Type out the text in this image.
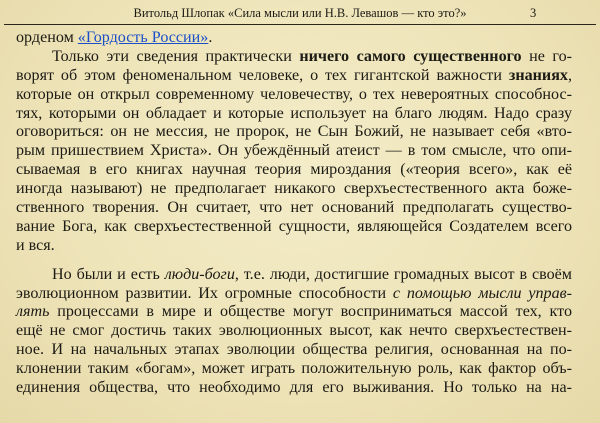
Витольд Шлопак «Сила мысли или Н.В. Левашов — кто это?»	3
орденом «Гордость России».
Только эти сведения практически ничего самого существенного не го-
ворят об этом феноменальном человеке, о тех гигантской важности знаниях,
которые он открыл современному человечеству, о тех невероятных способнос-
тях, которыми он обладает и которые использует на благо людям. Надо сразу
оговориться: он не мессия, не пророк, не Сын Божий, не называет себя «вто-
рым пришествием Христа». Он убеждённый атеист — в том смысле, что опи-
сываемая в его книгах научная теория мироздания («теория всего», как её
иногда называют) не предполагает никакого сверхъестественного акта боже-
ственного творения. Он считает, что нет оснований предполагать существо-
вание Бога, как сверхъестественной сущности, являющейся Создателем всего
и вся.
Но были и есть люди-боги, т.е. люди, достигшие громадных высот в своём
эволюционном развитии. Их огромные способности с помощью мысли управ-
лять процессами в мире и обществе могут восприниматься массой тех, кто
ещё не смог достичь таких эволюционных высот, как нечто сверхъестествен-
ное. И на начальных этапах эволюции общества религия, основанная на по-
клонении таким «богам», может играть положительную роль, как фактор объ-
единения общества, что необходимо для его выживания. Но только на на-
